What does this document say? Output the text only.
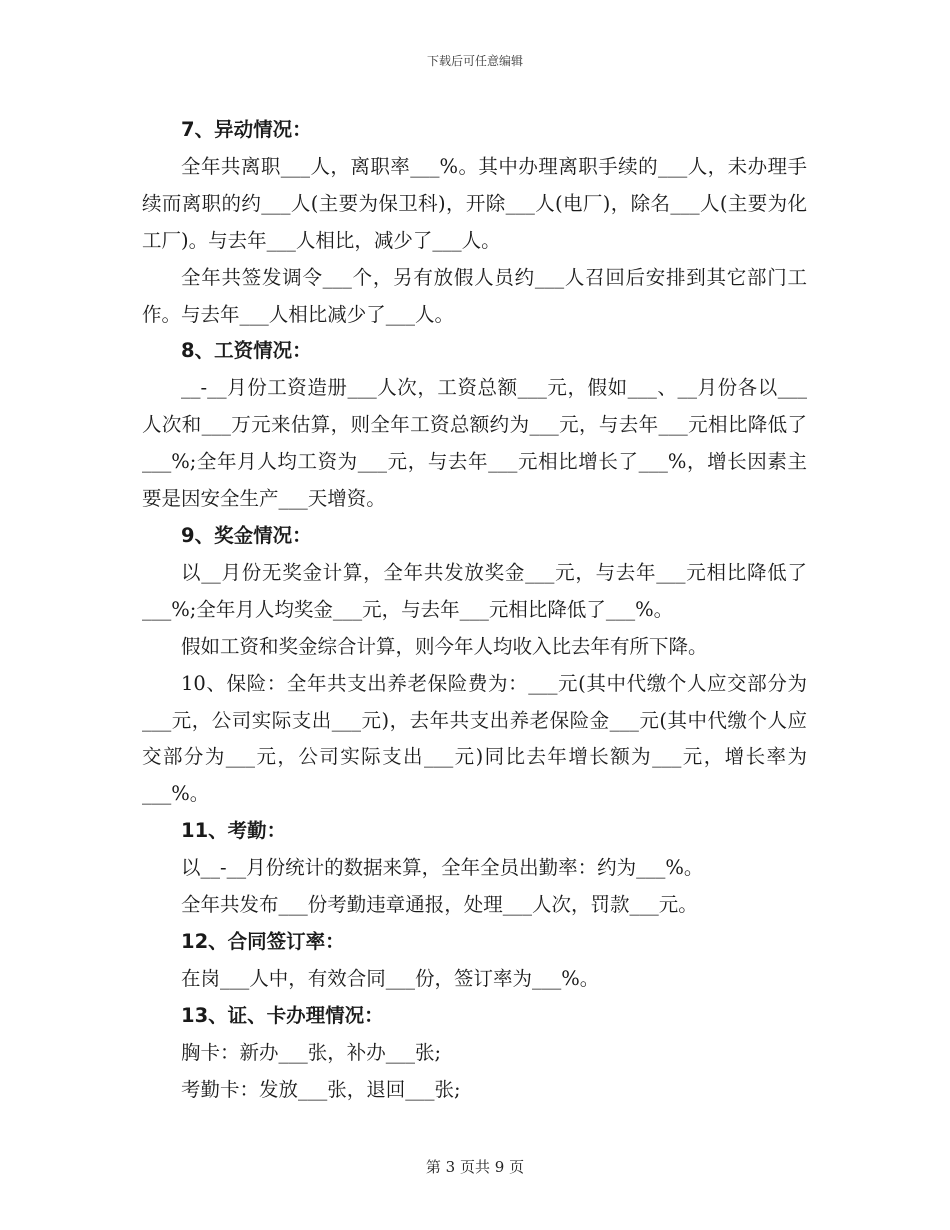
下载后可任意编辑

7、异动情况：

全年共离职___人，离职率___%。其中办理离职手续的___人，未办理手续而离职的约___人(主要为保卫科)，开除___人(电厂)，除名___人(主要为化工厂)。与去年___人相比，减少了___人。

全年共签发调令___个，另有放假人员约___人召回后安排到其它部门工作。与去年___人相比减少了___人。

8、工资情况：

__-__月份工资造册___人次，工资总额___元，假如___、__月份各以___人次和___万元来估算，则全年工资总额约为___元，与去年___元相比降低了___%;全年月人均工资为___元，与去年___元相比增长了___%，增长因素主要是因安全生产___天增资。

9、奖金情况：

以__月份无奖金计算，全年共发放奖金___元，与去年___元相比降低了___%;全年月人均奖金___元，与去年___元相比降低了___%。

假如工资和奖金综合计算，则今年人均收入比去年有所下降。

10、保险：全年共支出养老保险费为：___元(其中代缴个人应交部分为___元，公司实际支出___元)，去年共支出养老保险金___元(其中代缴个人应交部分为___元，公司实际支出___元)同比去年增长额为___元，增长率为___%。

11、考勤：

以__-__月份统计的数据来算，全年全员出勤率：约为___%。

全年共发布___份考勤违章通报，处理___人次，罚款___元。

12、合同签订率：

在岗___人中，有效合同___份，签订率为___%。

13、证、卡办理情况：

胸卡：新办___张，补办___张;

考勤卡：发放___张，退回___张;

第 3 页共 9 页
